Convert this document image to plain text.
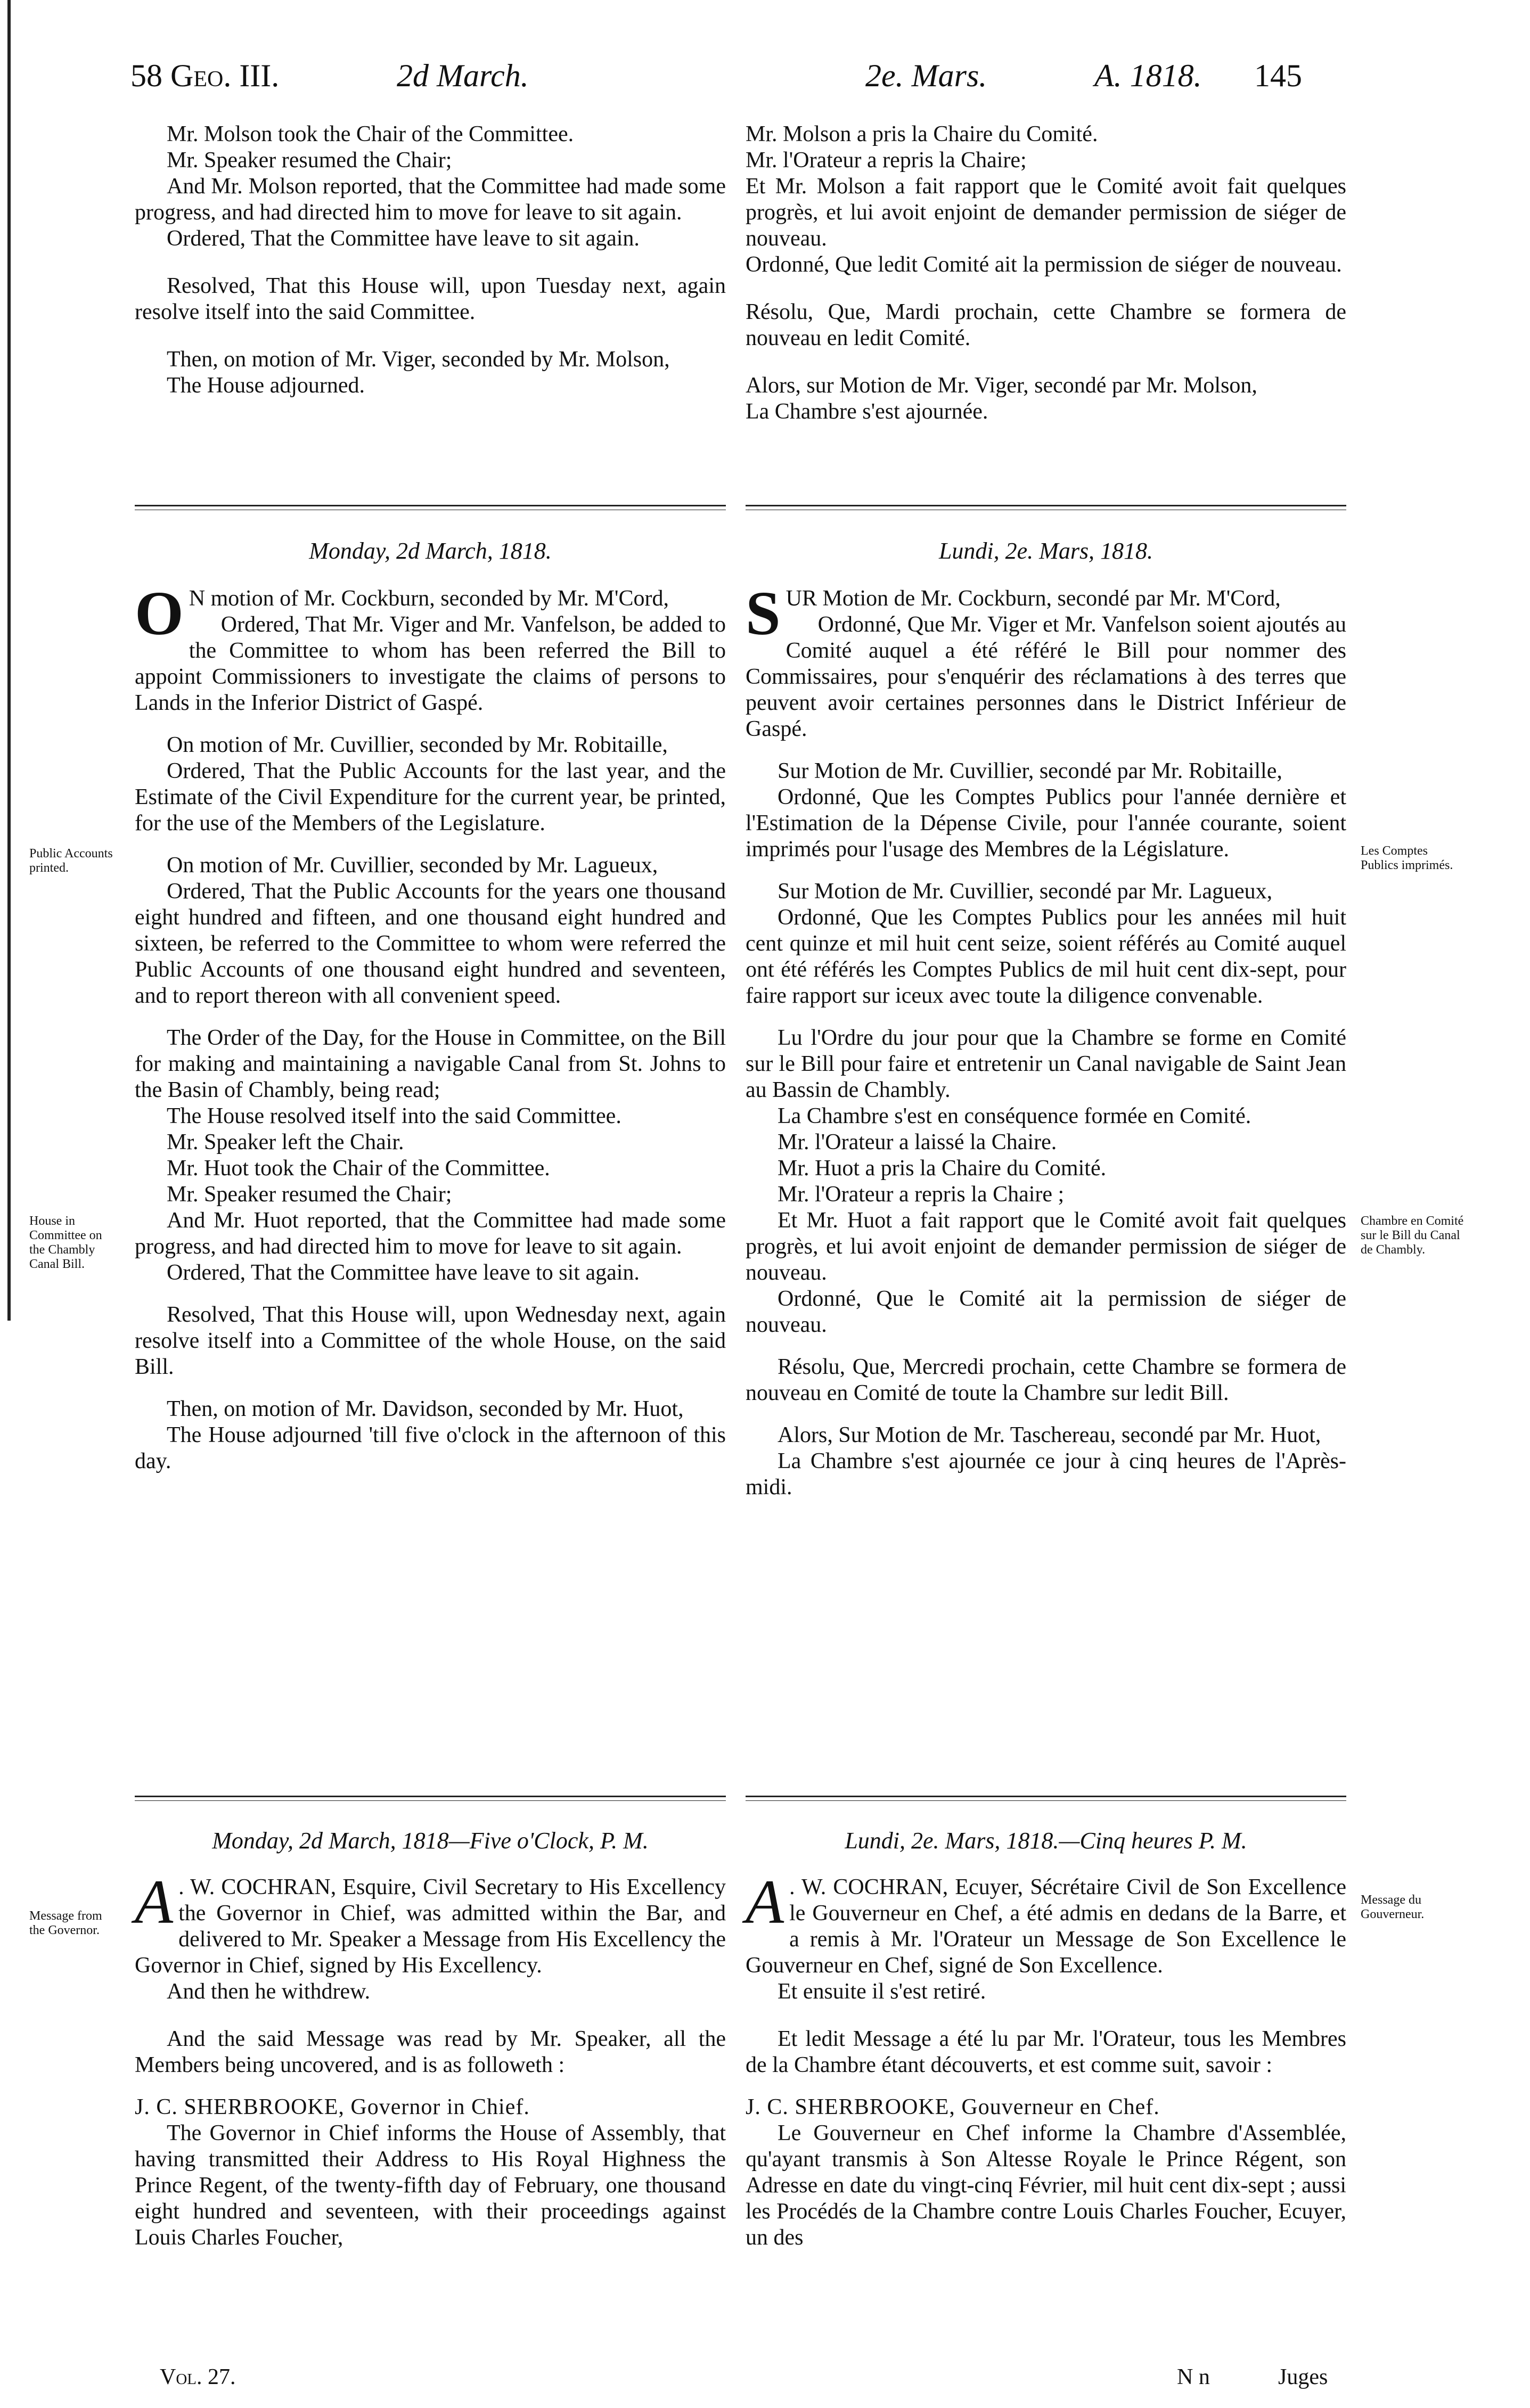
58 Geo. III.	2d March.	2e. Mars.	A. 1818. 145

Mr. Molson took the Chair of the Committee.

Mr. Speaker resumed the Chair;

And Mr. Molson reported, that the Committee had made some progress, and had directed him to move for leave to sit again.

Ordered, That the Committee have leave to sit again.

Resolved, That this House will, upon Tuesday next, again resolve itself into the said Committee.

Then, on motion of Mr. Viger, seconded by Mr. Molson,

The House adjourned.

Mr. Molson a pris la Chaire du Comité.

Mr. l'Orateur a repris la Chaire;

Et Mr. Molson a fait rapport que le Comité avoit fait quelques progrès, et lui avoit enjoint de demander permission de siéger de nouveau.

Ordonné, Que ledit Comité ait la permission de siéger de nouveau.

Résolu, Que, Mardi prochain, cette Chambre se formera de nouveau en ledit Comité.

Alors, sur Motion de Mr. Viger, secondé par Mr. Molson,

La Chambre s'est ajournée.

Monday, 2d March, 1818.	Lundi, 2e. Mars, 1818.

O N motion of Mr. Cockburn, seconded by Mr. M'Cord,

Ordered, That Mr. Viger and Mr. Vanfelson, be added to the Committee to whom has been referred the Bill to appoint Commissioners to investigate the claims of persons to Lands in the Inferior District of Gaspé.

On motion of Mr. Cuvillier, seconded by Mr. Robitaille,

Ordered, That the Public Accounts for the last year, and the Estimate of the Civil Expenditure for the current year, be printed, for the use of the Members of the Legislature.

On motion of Mr. Cuvillier, seconded by Mr. Lagueux,

Ordered, That the Public Accounts for the years one thousand eight hundred and fifteen, and one thousand eight hundred and sixteen, be referred to the Committee to whom were referred the Public Accounts of one thousand eight hundred and seventeen, and to report thereon with all convenient speed.

The Order of the Day, for the House in Committee, on the Bill for making and maintaining a navigable Canal from St. Johns to the Basin of Chambly, being read;

The House resolved itself into the said Committee.

Mr. Speaker left the Chair.

Mr. Huot took the Chair of the Committee.

Mr. Speaker resumed the Chair;

And Mr. Huot reported, that the Committee had made some progress, and had directed him to move for leave to sit again.

Ordered, That the Committee have leave to sit again.

Resolved, That this House will, upon Wednesday next, again resolve itself into a Committee of the whole House, on the said Bill.

Then, on motion of Mr. Davidson, seconded by Mr. Huot,

The House adjourned 'till five o'clock in the afternoon of this day.

SUR Motion de Mr. Cockburn, secondé par Mr. M'Cord,

Ordonné, Que Mr. Viger et Mr. Vanfelson soient ajoutés au Comité auquel a été référé le Bill pour nommer des Commissaires, pour s'enquérir des réclamations à des terres que peuvent avoir certaines personnes dans le District Inférieur de Gaspé.

Sur Motion de Mr. Cuvillier, secondé par Mr. Robitaille,

Ordonné, Que les Comptes Publics pour l'année dernière et l'Estimation de la Dépense Civile, pour l'année courante, soient imprimés pour l'usage des Membres de la Législature.

Sur Motion de Mr. Cuvillier, secondé par Mr. Lagueux,

Ordonné, Que les Comptes Publics pour les années mil huit cent quinze et mil huit cent seize, soient référés au Comité auquel ont été référés les Comptes Publics de mil huit cent dix-sept, pour faire rapport sur iceux avec toute la diligence convenable.

Lu l'Ordre du jour pour que la Chambre se forme en Comité sur le Bill pour faire et entretenir un Canal navigable de Saint Jean au Bassin de Chambly.

La Chambre s'est en conséquence formée en Comité.

Mr. l'Orateur a laissé la Chaire.

Mr. Huot a pris la Chaire du Comité.

Mr. l'Orateur a repris la Chaire ;

Et Mr. Huot a fait rapport que le Comité avoit fait quelques progrès, et lui avoit enjoint de demander permission de siéger de nouveau.

Ordonné, Que le Comité ait la permission de siéger de nouveau.

Résolu, Que, Mercredi prochain, cette Chambre se formera de nouveau en Comité de toute la Chambre sur ledit Bill.

Alors, Sur Motion de Mr. Taschereau, secondé par Mr. Huot,

La Chambre s'est ajournée ce jour à cinq heures de l'Après-midi.

Public Accounts printed.
Les Comptes Publics imprimés.
House in Committee on the Chambly Canal Bill.
Chambre en Comité sur le Bill du Canal de Chambly.
Monday, 2d March, 1818—Five o'Clock, P. M.	Lundi, 2e. Mars, 1818.—Cinq heures P. M.

A . W. COCHRAN, Esquire, Civil Secretary to His Excellency the Governor in Chief, was admitted within the Bar, and delivered to Mr. Speaker a Message from His Excellency the Governor in Chief, signed by His Excellency.

And then he withdrew.

And the said Message was read by Mr. Speaker, all the Members being uncovered, and is as followeth :

J. C. SHERBROOKE, Governor in Chief.

The Governor in Chief informs the House of Assembly, that having transmitted their Address to His Royal Highness the Prince Regent, of the twenty-fifth day of February, one thousand eight hundred and seventeen, with their proceedings against Louis Charles Foucher,

A . W. COCHRAN, Ecuyer, Sécrétaire Civil de Son Excellence le Gouverneur en Chef, a été admis en dedans de la Barre, et a remis à Mr. l'Orateur un Message de Son Excellence le Gouverneur en Chef, signé de Son Excellence.

Et ensuite il s'est retiré.

Et ledit Message a été lu par Mr. l'Orateur, tous les Membres de la Chambre étant découverts, et est comme suit, savoir :

J. C. SHERBROOKE, Gouverneur en Chef.

Le Gouverneur en Chef informe la Chambre d'Assemblée, qu'ayant transmis à Son Altesse Royale le Prince Régent, son Adresse en date du vingt-cinq Février, mil huit cent dix-sept ; aussi les Procédés de la Chambre contre Louis Charles Foucher, Ecuyer, un des

Message from the Governor.
Message du Gouverneur.
Vol. 27.	N n	Juges
